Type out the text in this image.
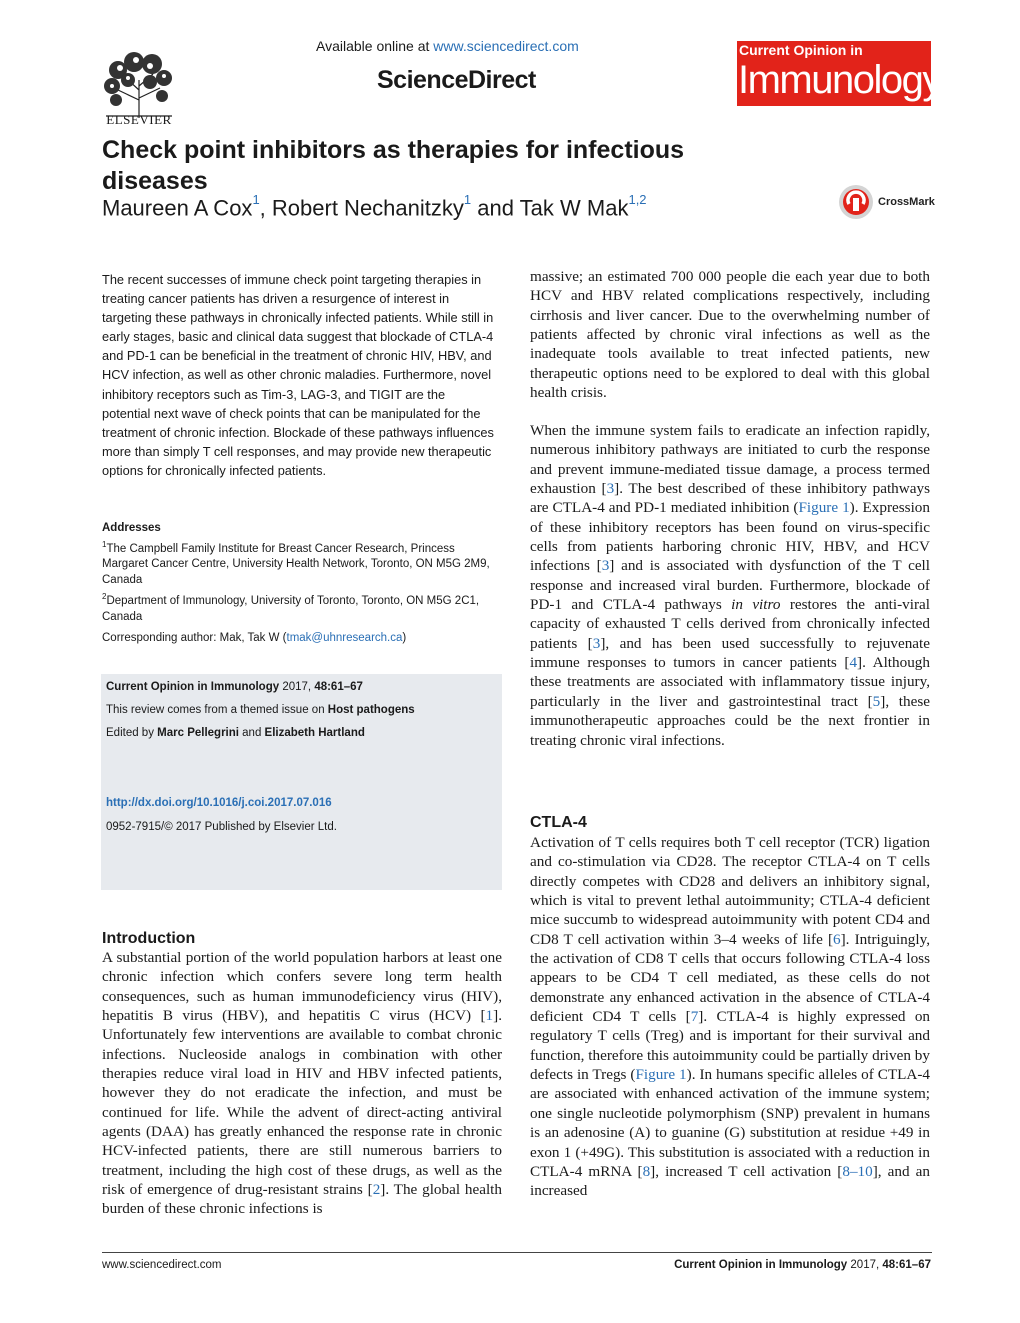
ELSEVIER
Available online at www.sciencedirect.com
ScienceDirect
Current Opinion in
Immunology
Check point inhibitors as therapies for infectious diseases
Maureen A Cox$^1$, Robert Nechanitzky$^1$ and Tak W Mak$^{1,2}$	CrossMark
The recent successes of immune check point targeting therapies in treating cancer patients has driven a resurgence of interest in targeting these pathways in chronically infected patients. While still in early stages, basic and clinical data suggest that blockade of CTLA-4 and PD-1 can be beneficial in the treatment of chronic HIV, HBV, and HCV infection, as well as other chronic maladies. Furthermore, novel inhibitory receptors such as Tim-3, LAG-3, and TIGIT are the potential next wave of check points that can be manipulated for the treatment of chronic infection. Blockade of these pathways influences more than simply T cell responses, and may provide new therapeutic options for chronically infected patients.
Addresses
$^1$The Campbell Family Institute for Breast Cancer Research, Princess Margaret Cancer Centre, University Health Network, Toronto, ON M5G 2M9, Canada
$^2$Department of Immunology, University of Toronto, Toronto, ON M5G 2C1, Canada
Corresponding author: Mak, Tak W (tmak@uhnresearch.ca)
Current Opinion in Immunology 2017, 48:61–67
This review comes from a themed issue on Host pathogens
Edited by Marc Pellegrini and Elizabeth Hartland
http://dx.doi.org/10.1016/j.coi.2017.07.016
0952-7915/© 2017 Published by Elsevier Ltd.
Introduction
A substantial portion of the world population harbors at least one chronic infection which confers severe long term health consequences, such as human immunodeficiency virus (HIV), hepatitis B virus (HBV), and hepatitis C virus (HCV) [1]. Unfortunately few interventions are available to combat chronic infections. Nucleoside analogs in combination with other therapies reduce viral load in HIV and HBV infected patients, however they do not eradicate the infection, and must be continued for life. While the advent of direct-acting antiviral agents (DAA) has greatly enhanced the response rate in chronic HCV-infected patients, there are still numerous barriers to treatment, including the high cost of these drugs, as well as the risk of emergence of drug-resistant strains [2]. The global health burden of these chronic infections is
massive; an estimated 700 000 people die each year due to both HCV and HBV related complications respectively, including cirrhosis and liver cancer. Due to the overwhelming number of patients affected by chronic viral infections as well as the inadequate tools available to treat infected patients, new therapeutic options need to be explored to deal with this global health crisis.
When the immune system fails to eradicate an infection rapidly, numerous inhibitory pathways are initiated to curb the response and prevent immune-mediated tissue damage, a process termed exhaustion [3]. The best described of these inhibitory pathways are CTLA-4 and PD-1 mediated inhibition (Figure 1). Expression of these inhibitory receptors has been found on virus-specific cells from patients harboring chronic HIV, HBV, and HCV infections [3] and is associated with dysfunction of the T cell response and increased viral burden. Furthermore, blockade of PD-1 and CTLA-4 pathways in vitro restores the anti-viral capacity of exhausted T cells derived from chronically infected patients [3], and has been used successfully to rejuvenate immune responses to tumors in cancer patients [4]. Although these treatments are associated with inflammatory tissue injury, particularly in the liver and gastrointestinal tract [5], these immunotherapeutic approaches could be the next frontier in treating chronic viral infections.
CTLA-4
Activation of T cells requires both T cell receptor (TCR) ligation and co-stimulation via CD28. The receptor CTLA-4 on T cells directly competes with CD28 and delivers an inhibitory signal, which is vital to prevent lethal autoimmunity; CTLA-4 deficient mice succumb to widespread autoimmunity with potent CD4 and CD8 T cell activation within 3–4 weeks of life [6]. Intriguingly, the activation of CD8 T cells that occurs following CTLA-4 loss appears to be CD4 T cell mediated, as these cells do not demonstrate any enhanced activation in the absence of CTLA-4 deficient CD4 T cells [7]. CTLA-4 is highly expressed on regulatory T cells (Treg) and is important for their survival and function, therefore this autoimmunity could be partially driven by defects in Tregs (Figure 1). In humans specific alleles of CTLA-4 are associated with enhanced activation of the immune system; one single nucleotide polymorphism (SNP) prevalent in humans is an adenosine (A) to guanine (G) substitution at residue +49 in exon 1 (+49G). This substitution is associated with a reduction in CTLA-4 mRNA [8], increased T cell activation [8–10], and an increased
www.sciencedirect.com	Current Opinion in Immunology 2017, 48:61–67
